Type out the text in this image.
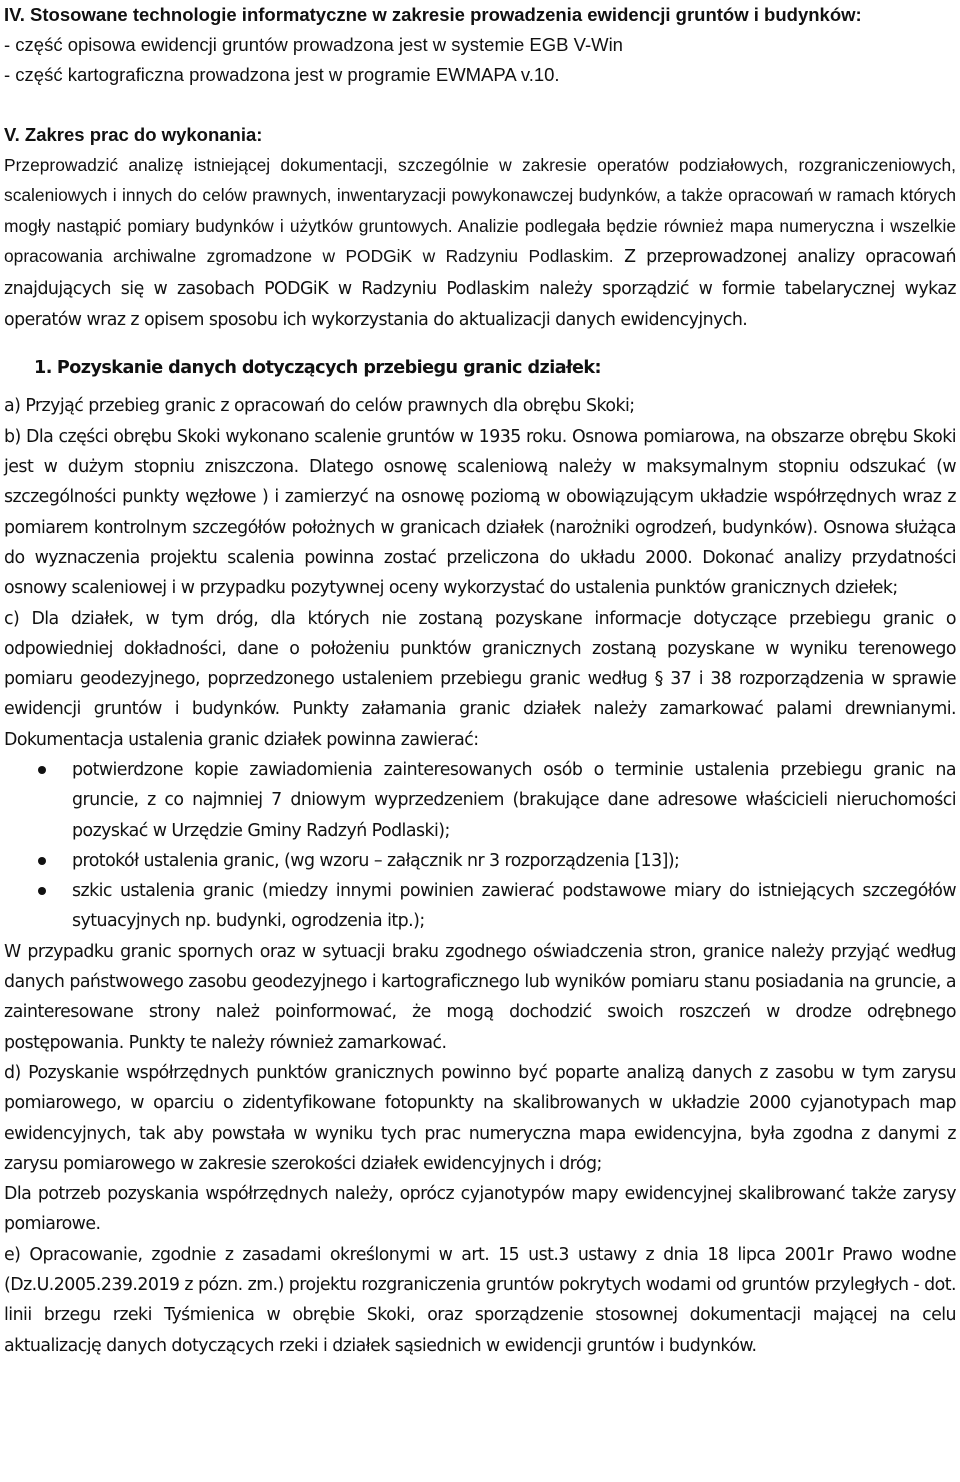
IV. Stosowane technologie informatyczne w zakresie prowadzenia ewidencji gruntów i budynków:

- część opisowa ewidencji gruntów prowadzona jest w systemie EGB V-Win

- część kartograficzna prowadzona jest w programie EWMAPA v.10.

V. Zakres prac do wykonania:

Przeprowadzić analizę istniejącej dokumentacji, szczególnie w zakresie operatów podziałowych, rozgraniczeniowych, scaleniowych i innych do celów prawnych, inwentaryzacji powykonawczej budynków, a także opracowań w ramach których mogły nastąpić pomiary budynków i użytków gruntowych. Analizie podlegała będzie również mapa numeryczna i wszelkie opracowania archiwalne zgromadzone w PODGiK w Radzyniu Podlaskim. Z przeprowadzonej analizy opracowań znajdujących się w zasobach PODGiK w Radzyniu Podlaskim należy sporządzić w formie tabelarycznej wykaz operatów wraz z opisem sposobu ich wykorzystania do aktualizacji danych ewidencyjnych.

1. Pozyskanie danych dotyczących przebiegu granic działek:

a) Przyjąć przebieg granic z opracowań do celów prawnych dla obrębu Skoki;

b) Dla części obrębu Skoki wykonano scalenie gruntów w 1935 roku. Osnowa pomiarowa, na obszarze obrębu Skoki jest w dużym stopniu zniszczona. Dlatego osnowę scaleniową należy w maksymalnym stopniu odszukać (w szczególności punkty węzłowe ) i zamierzyć na osnowę poziomą w obowiązującym układzie współrzędnych wraz z pomiarem kontrolnym szczegółów położnych w granicach działek (narożniki ogrodzeń, budynków). Osnowa służąca do wyznaczenia projektu scalenia powinna zostać przeliczona do układu 2000. Dokonać analizy przydatności osnowy scaleniowej i w przypadku pozytywnej oceny wykorzystać do ustalenia punktów granicznych dziełek;

c) Dla działek, w tym dróg, dla których nie zostaną pozyskane informacje dotyczące przebiegu granic o odpowiedniej dokładności, dane o położeniu punktów granicznych zostaną pozyskane w wyniku terenowego pomiaru geodezyjnego, poprzedzonego ustaleniem przebiegu granic według § 37 i 38 rozporządzenia w sprawie ewidencji gruntów i budynków. Punkty załamania granic działek należy zamarkować palami drewnianymi. Dokumentacja ustalenia granic działek powinna zawierać:

potwierdzone kopie zawiadomienia zainteresowanych osób o terminie ustalenia przebiegu granic na gruncie, z co najmniej 7 dniowym wyprzedzeniem (brakujące dane adresowe właścicieli nieruchomości pozyskać w Urzędzie Gminy Radzyń Podlaski);
protokół ustalenia granic, (wg wzoru – załącznik nr 3 rozporządzenia [13]);
szkic ustalenia granic (miedzy innymi powinien zawierać podstawowe miary do istniejących szczegółów sytuacyjnych np. budynki, ogrodzenia itp.);

W przypadku granic spornych oraz w sytuacji braku zgodnego oświadczenia stron, granice należy przyjąć według danych państwowego zasobu geodezyjnego i kartograficznego lub wyników pomiaru stanu posiadania na gruncie, a zainteresowane strony należ poinformować, że mogą dochodzić swoich roszczeń w drodze odrębnego postępowania. Punkty te należy również zamarkować.

d) Pozyskanie współrzędnych punktów granicznych powinno być poparte analizą danych z zasobu w tym zarysu pomiarowego, w oparciu o zidentyfikowane fotopunkty na skalibrowanych w układzie 2000 cyjanotypach map ewidencyjnych, tak aby powstała w wyniku tych prac numeryczna mapa ewidencyjna, była zgodna z danymi z zarysu pomiarowego w zakresie szerokości działek ewidencyjnych i dróg;

Dla potrzeb pozyskania współrzędnych należy, oprócz cyjanotypów mapy ewidencyjnej skalibrowanć także zarysy pomiarowe.

e) Opracowanie, zgodnie z zasadami określonymi w art. 15 ust.3 ustawy z dnia 18 lipca 2001r Prawo wodne (Dz.U.2005.239.2019 z pózn. zm.) projektu rozgraniczenia gruntów pokrytych wodami od gruntów przyległych - dot. linii brzegu rzeki Tyśmienica w obrębie Skoki, oraz sporządzenie stosownej dokumentacji mającej na celu aktualizację danych dotyczących rzeki i działek sąsiednich w ewidencji gruntów i budynków.
